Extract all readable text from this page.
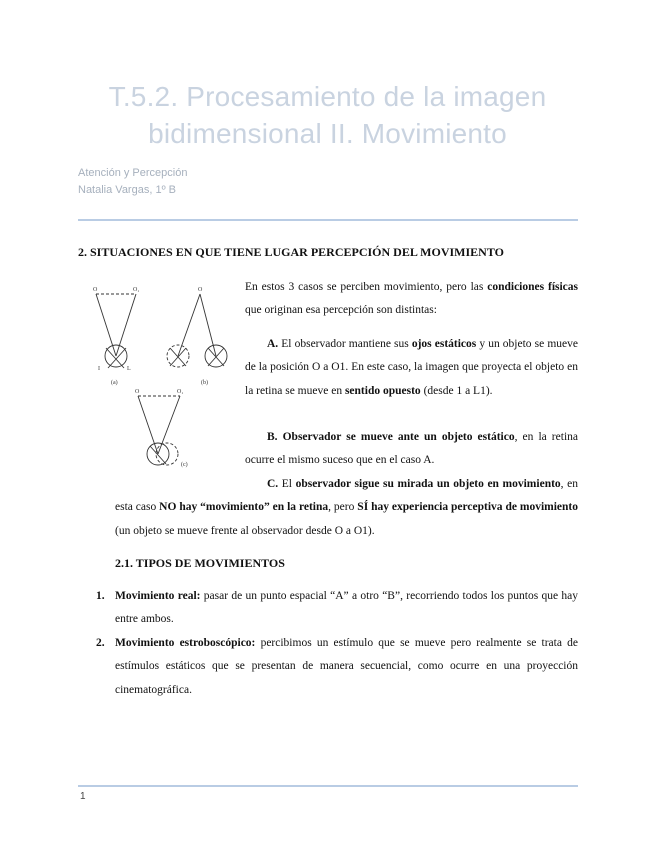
T.5.2. Procesamiento de la imagen
bidimensional II. Movimiento
Atención y Percepción
Natalia Vargas, 1º B
2. SITUACIONES EN QUE TIENE LUGAR PERCEPCIÓN DEL MOVIMIENTO
O	O₁
(a)
O
(b)
O	O₁
(c)
I	L
En estos 3 casos se perciben movimiento, pero las condiciones físicas que originan esa percepción son distintas:
A. El observador mantiene sus ojos estáticos y un objeto se mueve de la posición O a O1. En este caso, la imagen que proyecta el objeto en la retina se mueve en sentido opuesto (desde 1 a L1).
B. Observador se mueve ante un objeto estático, en la retina ocurre el mismo suceso que en el caso A.
C. El observador sigue su mirada un objeto en movimiento, en esta caso NO hay “movimiento” en la retina, pero SÍ hay experiencia perceptiva de movimiento (un objeto se mueve frente al observador desde O a O1).
2.1. TIPOS DE MOVIMIENTOS
1. Movimiento real: pasar de un punto espacial “A” a otro “B”, recorriendo todos los puntos que hay entre ambos.
2. Movimiento estroboscópico: percibimos un estímulo que se mueve pero realmente se trata de estímulos estáticos que se presentan de manera secuencial, como ocurre en una proyección cinematográfica.
1
